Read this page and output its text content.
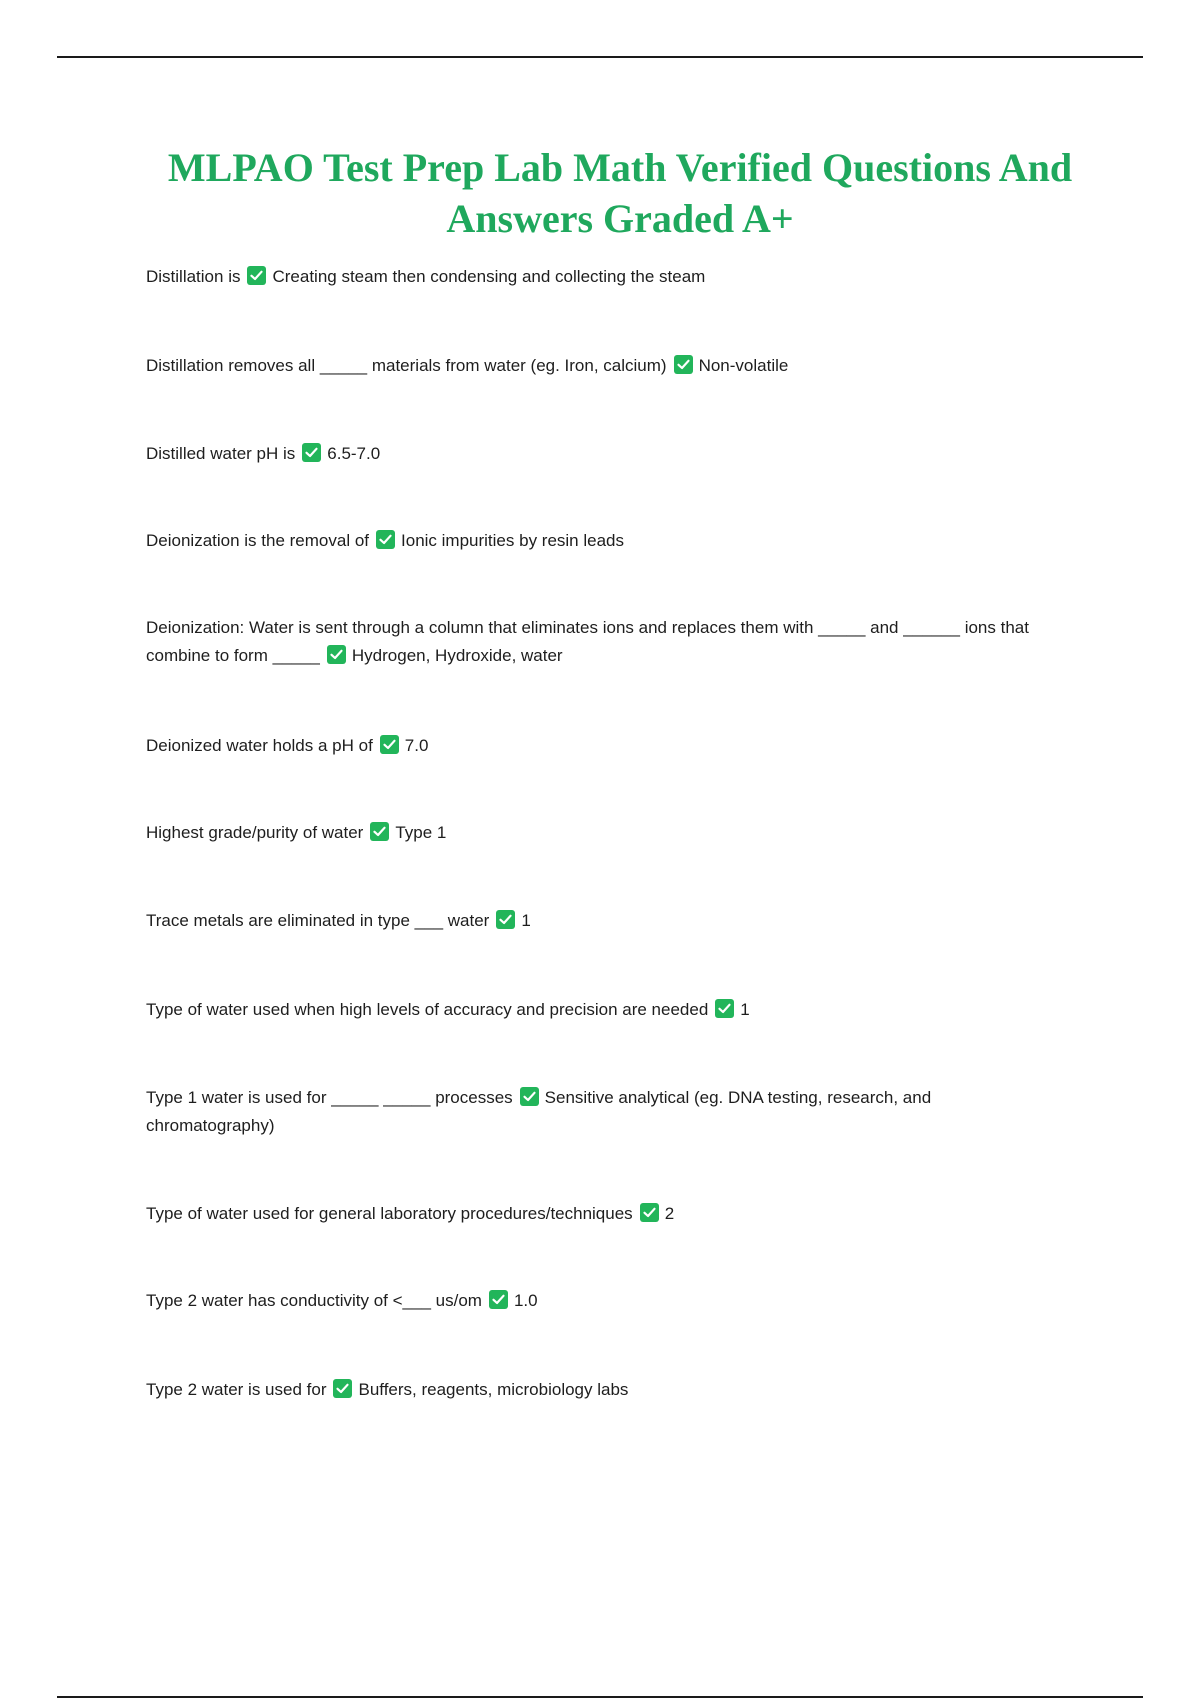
MLPAO Test Prep Lab Math Verified Questions And
Answers Graded A+

Distillation is Creating steam then condensing and collecting the steam

Distillation removes all _____ materials from water (eg. Iron, calcium) Non-volatile

Distilled water pH is 6.5-7.0

Deionization is the removal of Ionic impurities by resin leads

Deionization: Water is sent through a column that eliminates ions and replaces them with _____ and ______ ions that combine to form _____ Hydrogen, Hydroxide, water

Deionized water holds a pH of 7.0

Highest grade/purity of water Type 1

Trace metals are eliminated in type ___ water 1

Type of water used when high levels of accuracy and precision are needed 1

Type 1 water is used for _____ _____ processes Sensitive analytical (eg. DNA testing, research, and chromatography)

Type of water used for general laboratory procedures/techniques 2

Type 2 water has conductivity of <___ us/om 1.0

Type 2 water is used for Buffers, reagents, microbiology labs
